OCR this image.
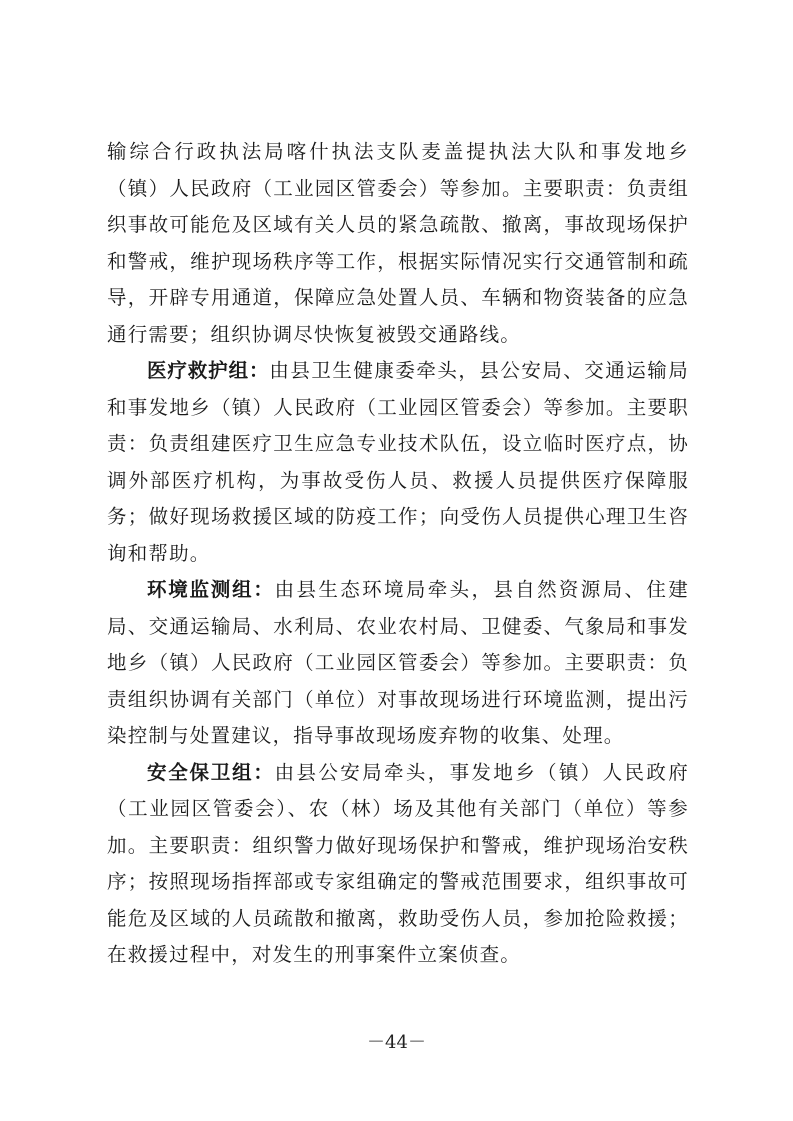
输综合行政执法局喀什执法支队麦盖提执法大队和事发地乡（镇）人民政府（工业园区管委会）等参加。主要职责：负责组织事故可能危及区域有关人员的紧急疏散、撤离，事故现场保护和警戒，维护现场秩序等工作，根据实际情况实行交通管制和疏导，开辟专用通道，保障应急处置人员、车辆和物资装备的应急通行需要；组织协调尽快恢复被毁交通路线。

医疗救护组：由县卫生健康委牵头，县公安局、交通运输局和事发地乡（镇）人民政府（工业园区管委会）等参加。主要职责：负责组建医疗卫生应急专业技术队伍，设立临时医疗点，协调外部医疗机构，为事故受伤人员、救援人员提供医疗保障服务；做好现场救援区域的防疫工作；向受伤人员提供心理卫生咨询和帮助。

环境监测组：由县生态环境局牵头，县自然资源局、住建局、交通运输局、水利局、农业农村局、卫健委、气象局和事发地乡（镇）人民政府（工业园区管委会）等参加。主要职责：负责组织协调有关部门（单位）对事故现场进行环境监测，提出污染控制与处置建议，指导事故现场废弃物的收集、处理。

安全保卫组：由县公安局牵头，事发地乡（镇）人民政府（工业园区管委会）、农（林）场及其他有关部门（单位）等参加。主要职责：组织警力做好现场保护和警戒，维护现场治安秩序；按照现场指挥部或专家组确定的警戒范围要求，组织事故可能危及区域的人员疏散和撤离，救助受伤人员，参加抢险救援；在救援过程中，对发生的刑事案件立案侦查。

－44－
